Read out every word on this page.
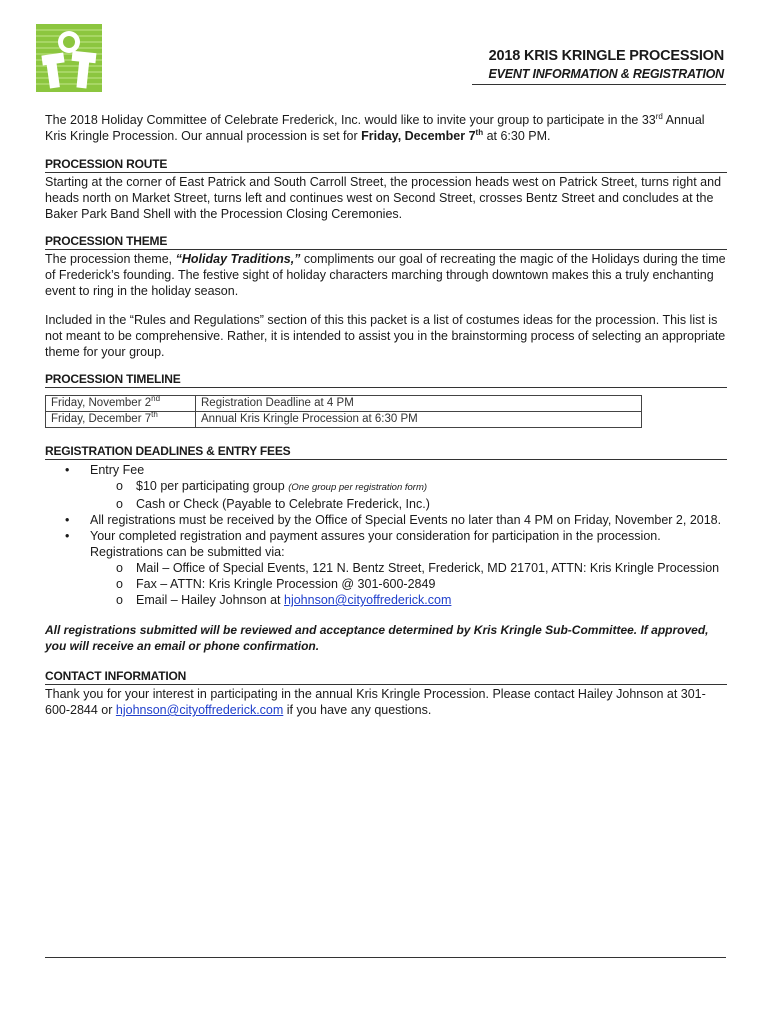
2018 KRIS KRINGLE PROCESSION
EVENT INFORMATION & REGISTRATION

The 2018 Holiday Committee of Celebrate Frederick, Inc. would like to invite your group to participate in the 33rd Annual Kris Kringle Procession. Our annual procession is set for Friday, December 7th at 6:30 PM.

PROCESSION ROUTE

Starting at the corner of East Patrick and South Carroll Street, the procession heads west on Patrick Street, turns right and heads north on Market Street, turns left and continues west on Second Street, crosses Bentz Street and concludes at the Baker Park Band Shell with the Procession Closing Ceremonies.

PROCESSION THEME

The procession theme, “Holiday Traditions,” compliments our goal of recreating the magic of the Holidays during the time of Frederick’s founding. The festive sight of holiday characters marching through downtown makes this a truly enchanting event to ring in the holiday season.

Included in the “Rules and Regulations” section of this this packet is a list of costumes ideas for the procession. This list is not meant to be comprehensive. Rather, it is intended to assist you in the brainstorming process of selecting an appropriate theme for your group.

PROCESSION TIMELINE
Friday, November 2nd	Registration Deadline at 4 PM
Friday, December 7th	Annual Kris Kringle Procession at 6:30 PM
REGISTRATION DEADLINES & ENTRY FEES
• Entry Fee
o $10 per participating group (One group per registration form)
o Cash or Check (Payable to Celebrate Frederick, Inc.)
• All registrations must be received by the Office of Special Events no later than 4 PM on Friday, November 2, 2018.
• Your completed registration and payment assures your consideration for participation in the procession. Registrations can be submitted via:
o Mail – Office of Special Events, 121 N. Bentz Street, Frederick, MD 21701, ATTN: Kris Kringle Procession
o Fax – ATTN: Kris Kringle Procession @ 301-600-2849
o Email – Hailey Johnson at hjohnson@cityoffrederick.com

All registrations submitted will be reviewed and acceptance determined by Kris Kringle Sub-Committee. If approved, you will receive an email or phone confirmation.

CONTACT INFORMATION

Thank you for your interest in participating in the annual Kris Kringle Procession. Please contact Hailey Johnson at 301-600-2844 or hjohnson@cityoffrederick.com if you have any questions.
